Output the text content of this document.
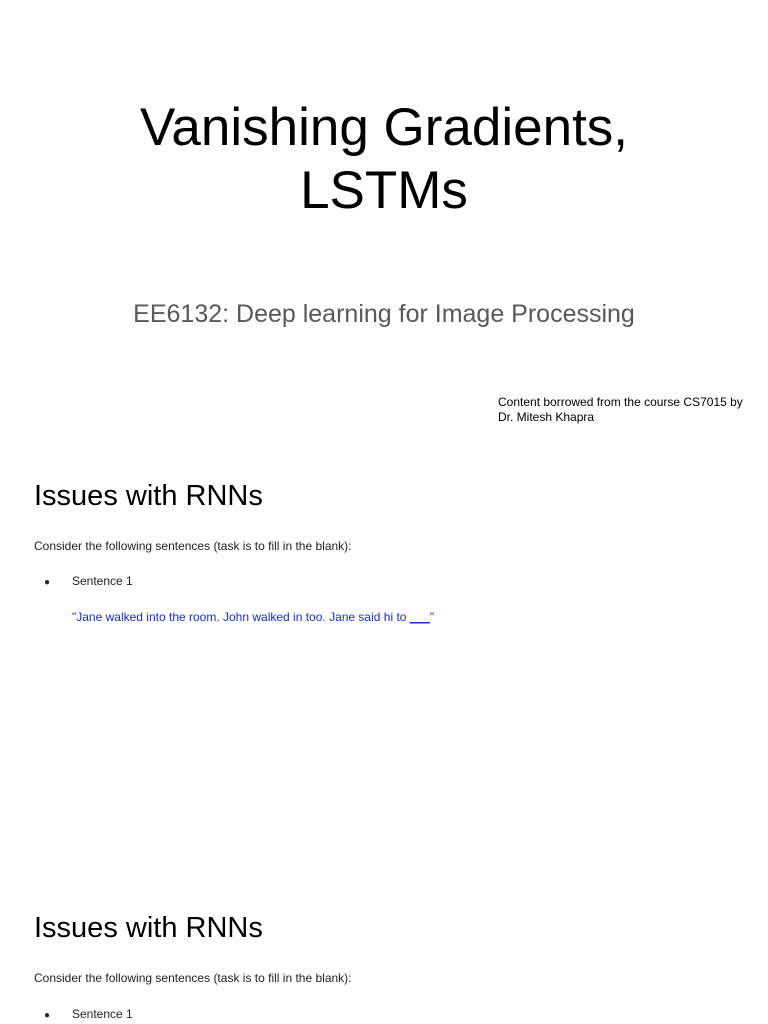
Vanishing Gradients,
LSTMs

EE6132: Deep learning for Image Processing

Content borrowed from the course CS7015 by
Dr. Mitesh Khapra
Issues with RNNs
Consider the following sentences (task is to fill in the blank):
● Sentence 1
"Jane walked into the room. John walked in too. Jane said hi to ___"
Issues with RNNs
Consider the following sentences (task is to fill in the blank):
● Sentence 1
